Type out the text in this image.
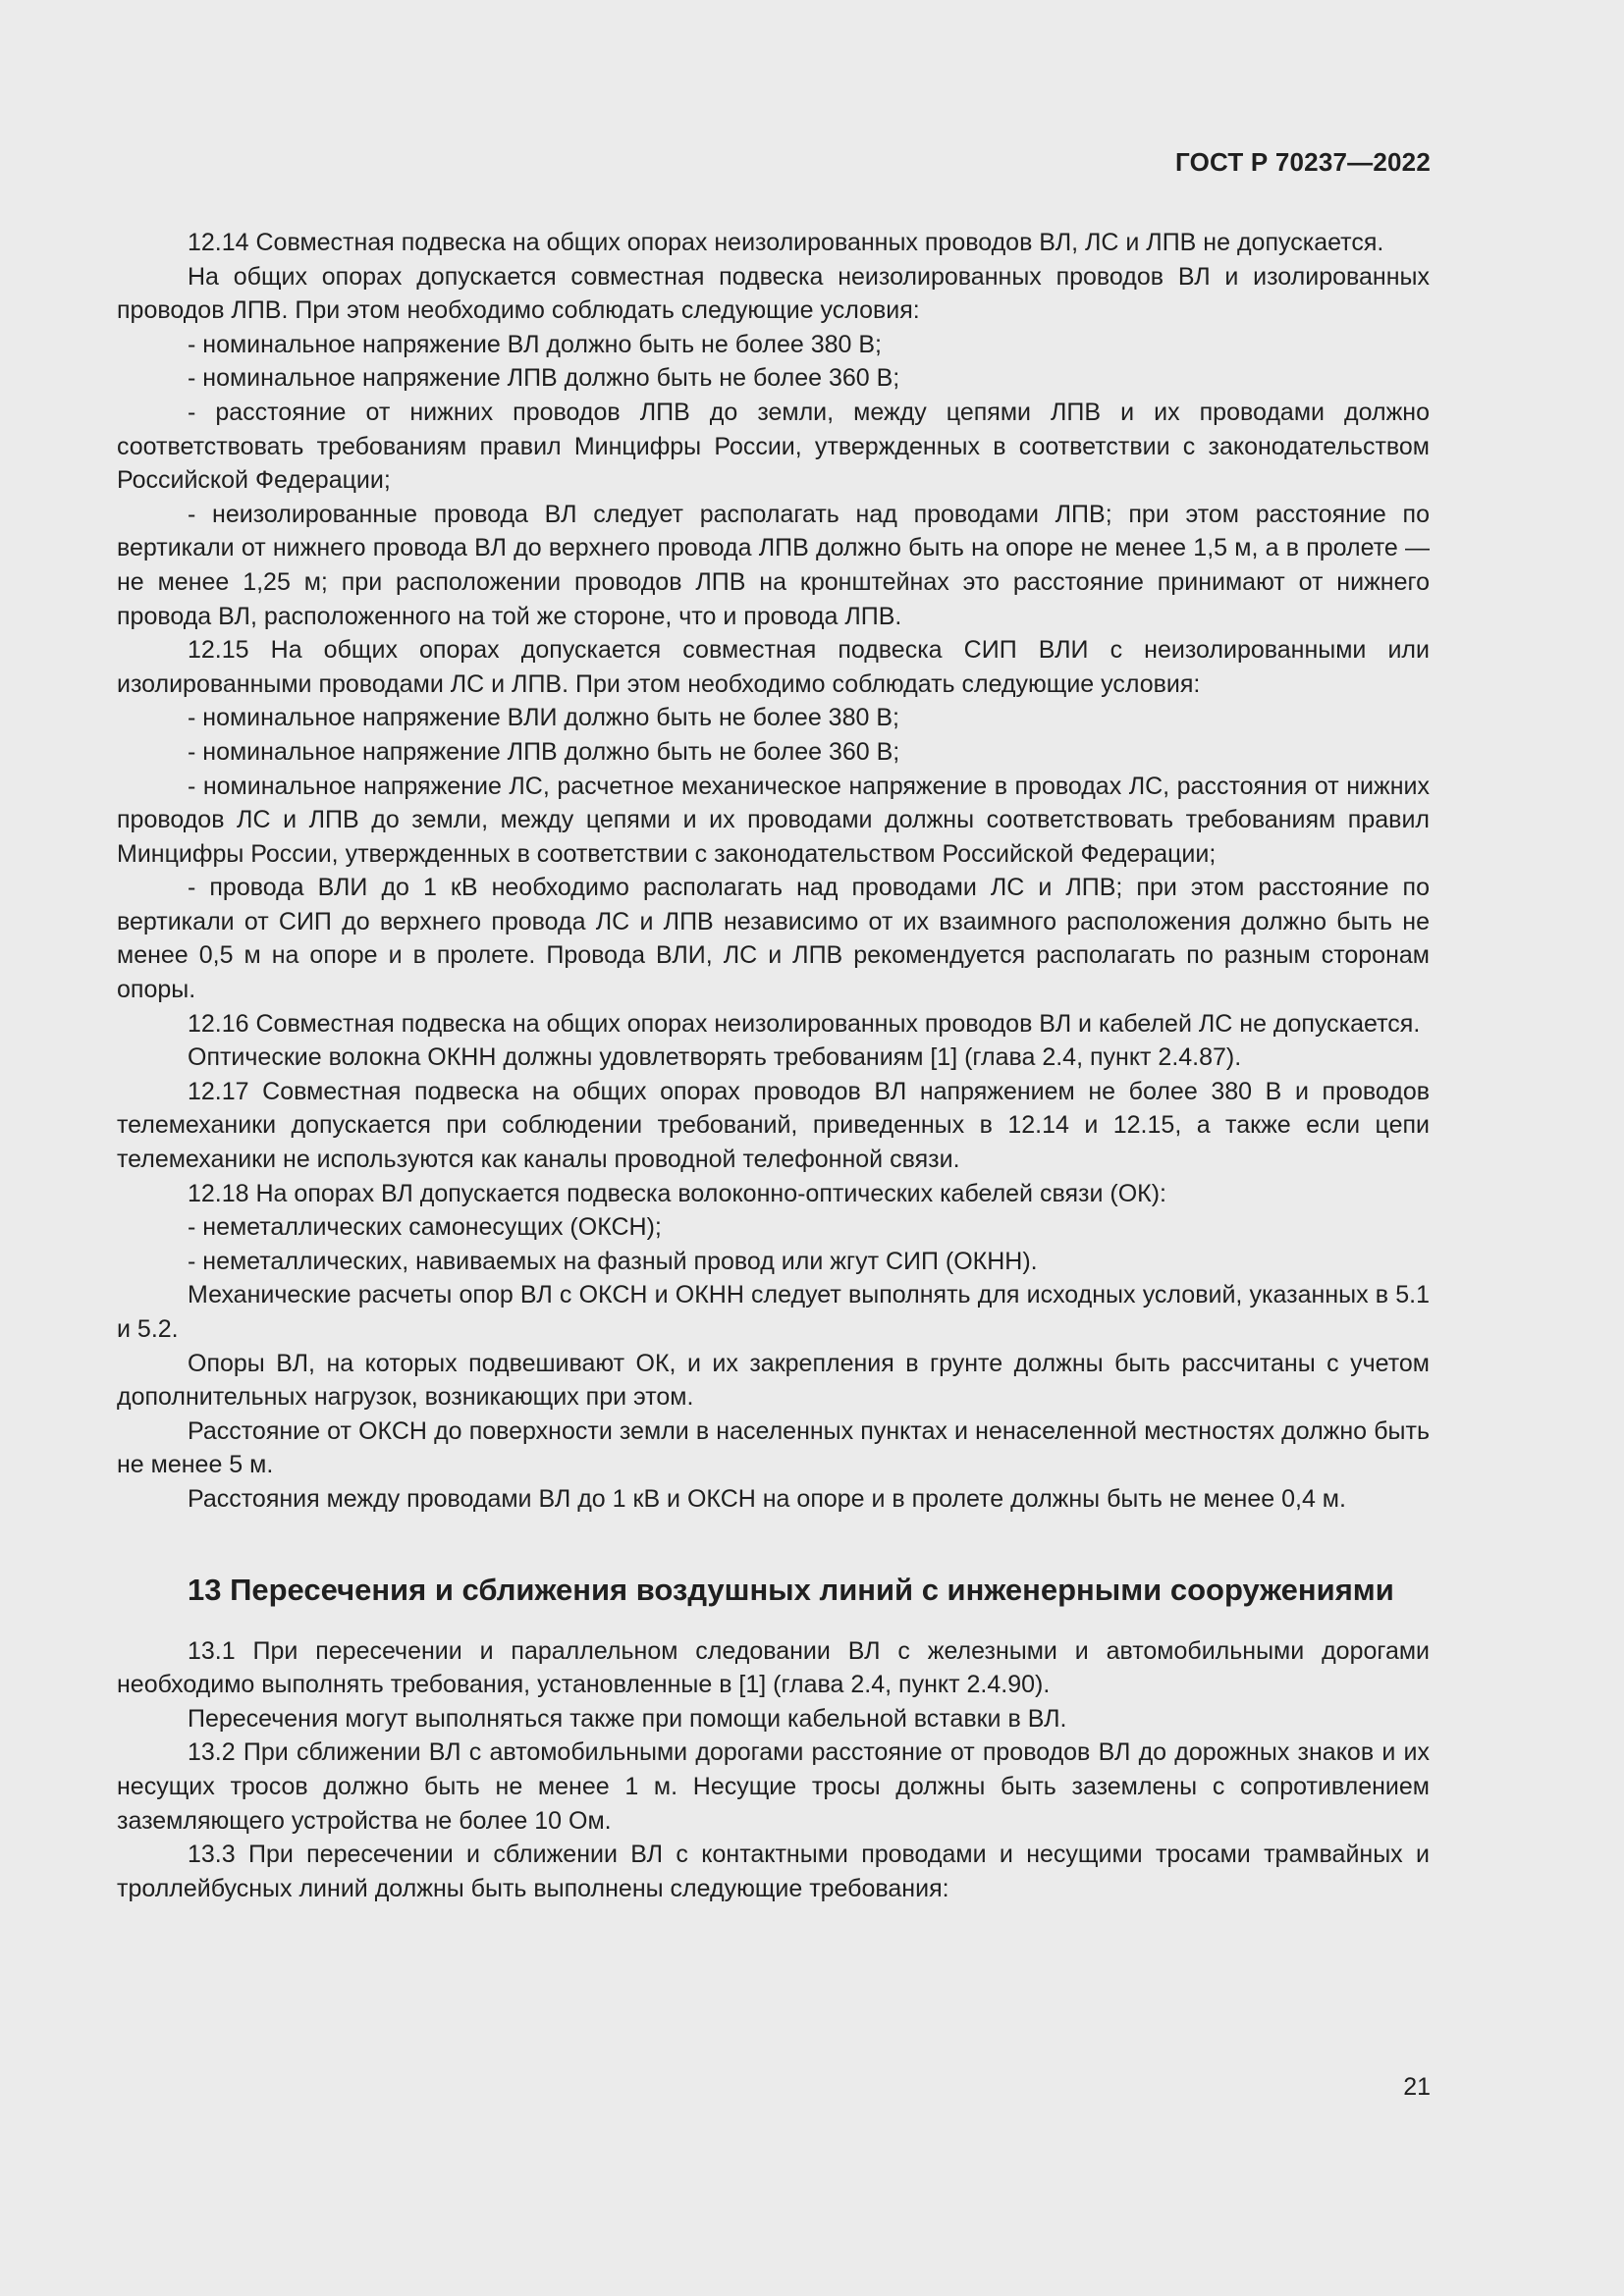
ГОСТ Р 70237—2022

12.14 Совместная подвеска на общих опорах неизолированных проводов ВЛ, ЛС и ЛПВ не допускается.

На общих опорах допускается совместная подвеска неизолированных проводов ВЛ и изолированных проводов ЛПВ. При этом необходимо соблюдать следующие условия:

- номинальное напряжение ВЛ должно быть не более 380 В;

- номинальное напряжение ЛПВ должно быть не более 360 В;

- расстояние от нижних проводов ЛПВ до земли, между цепями ЛПВ и их проводами должно соответствовать требованиям правил Минцифры России, утвержденных в соответствии с законодательством Российской Федерации;

- неизолированные провода ВЛ следует располагать над проводами ЛПВ; при этом расстояние по вертикали от нижнего провода ВЛ до верхнего провода ЛПВ должно быть на опоре не менее 1,5 м, а в пролете — не менее 1,25 м; при расположении проводов ЛПВ на кронштейнах это расстояние принимают от нижнего провода ВЛ, расположенного на той же стороне, что и провода ЛПВ.

12.15 На общих опорах допускается совместная подвеска СИП ВЛИ с неизолированными или изолированными проводами ЛС и ЛПВ. При этом необходимо соблюдать следующие условия:

- номинальное напряжение ВЛИ должно быть не более 380 В;

- номинальное напряжение ЛПВ должно быть не более 360 В;

- номинальное напряжение ЛС, расчетное механическое напряжение в проводах ЛС, расстояния от нижних проводов ЛС и ЛПВ до земли, между цепями и их проводами должны соответствовать требованиям правил Минцифры России, утвержденных в соответствии с законодательством Российской Федерации;

- провода ВЛИ до 1 кВ необходимо располагать над проводами ЛС и ЛПВ; при этом расстояние по вертикали от СИП до верхнего провода ЛС и ЛПВ независимо от их взаимного расположения должно быть не менее 0,5 м на опоре и в пролете. Провода ВЛИ, ЛС и ЛПВ рекомендуется располагать по разным сторонам опоры.

12.16 Совместная подвеска на общих опорах неизолированных проводов ВЛ и кабелей ЛС не допускается.

Оптические волокна ОКНН должны удовлетворять требованиям [1] (глава 2.4, пункт 2.4.87).

12.17 Совместная подвеска на общих опорах проводов ВЛ напряжением не более 380 В и проводов телемеханики допускается при соблюдении требований, приведенных в 12.14 и 12.15, а также если цепи телемеханики не используются как каналы проводной телефонной связи.

12.18 На опорах ВЛ допускается подвеска волоконно-оптических кабелей связи (ОК):

- неметаллических самонесущих (ОКСН);

- неметаллических, навиваемых на фазный провод или жгут СИП (ОКНН).

Механические расчеты опор ВЛ с ОКСН и ОКНН следует выполнять для исходных условий, указанных в 5.1 и 5.2.

Опоры ВЛ, на которых подвешивают ОК, и их закрепления в грунте должны быть рассчитаны с учетом дополнительных нагрузок, возникающих при этом.

Расстояние от ОКСН до поверхности земли в населенных пунктах и ненаселенной местностях должно быть не менее 5 м.

Расстояния между проводами ВЛ до 1 кВ и ОКСН на опоре и в пролете должны быть не менее 0,4 м.

13 Пересечения и сближения воздушных линий с инженерными сооружениями

13.1 При пересечении и параллельном следовании ВЛ с железными и автомобильными дорогами необходимо выполнять требования, установленные в [1] (глава 2.4, пункт 2.4.90).

Пересечения могут выполняться также при помощи кабельной вставки в ВЛ.

13.2 При сближении ВЛ с автомобильными дорогами расстояние от проводов ВЛ до дорожных знаков и их несущих тросов должно быть не менее 1 м. Несущие тросы должны быть заземлены с сопротивлением заземляющего устройства не более 10 Ом.

13.3 При пересечении и сближении ВЛ с контактными проводами и несущими тросами трамвайных и троллейбусных линий должны быть выполнены следующие требования:

21
